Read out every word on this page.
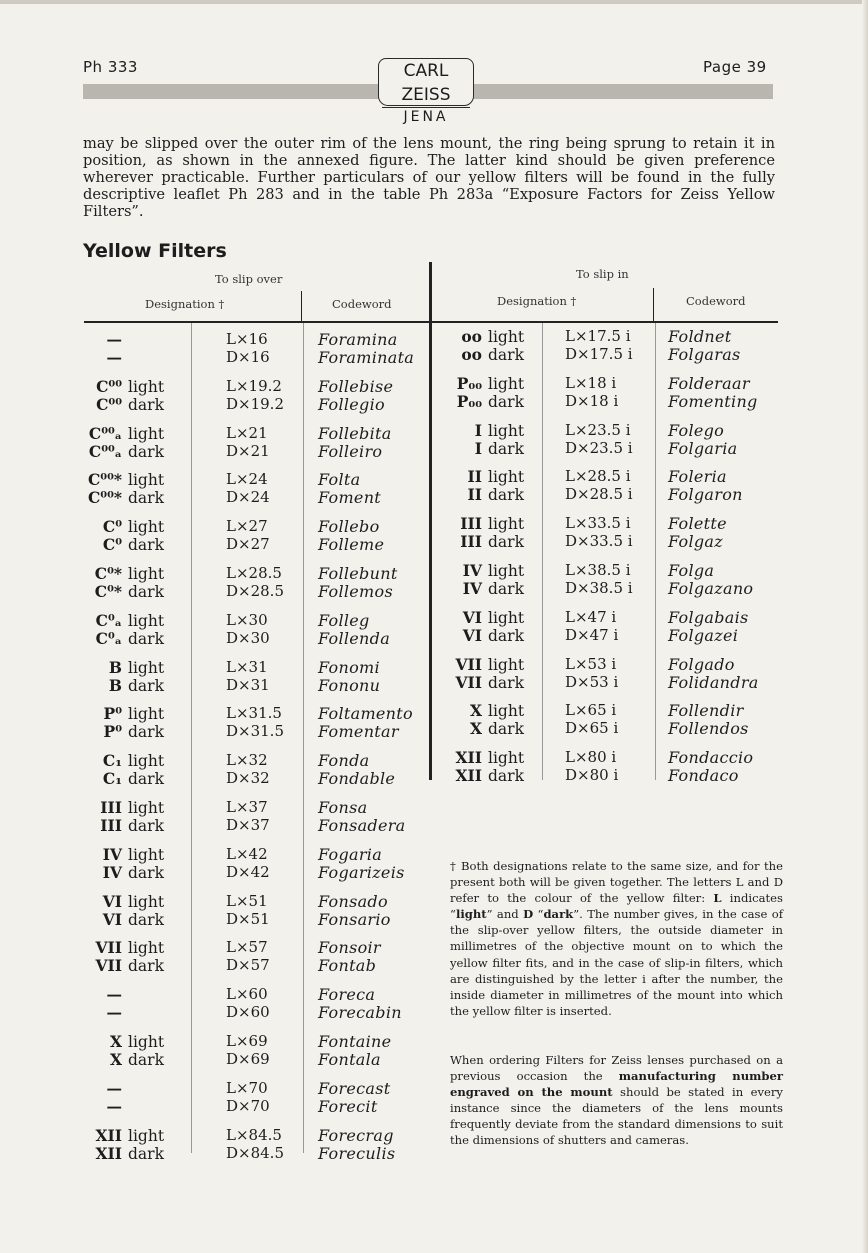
Ph 333	CARL ZEISS
JENA
Page 39

may be slipped over the outer rim of the lens mount, the ring being sprung to retain it in position, as shown in the annexed figure. The latter kind should be given preference wherever practicable. Further particulars of our yellow filters will be found in the fully descriptive leaflet Ph 283 and in the table Ph 283a “Exposure Factors for Zeiss Yellow Filters”.

Yellow Filters
To slip over
Designation †	Codeword
To slip in
Designation †	Codeword
—	L×16	Foramina
—	D×16	Foraminata
C⁰⁰ light	L×19.2 Follebise
C⁰⁰ dark	D×19.2 Follegio
C⁰⁰ₐ light	L×21	Follebita
C⁰⁰ₐ dark	D×21	Folleiro
C⁰⁰* light	L×24	Folta
C⁰⁰* dark	D×24	Foment
C⁰ light	L×27	Follebo
C⁰ dark	D×27	Folleme
C⁰* light	L×28.5 Follebunt
C⁰* dark	D×28.5 Follemos
C⁰ₐ light	L×30	Folleg
C⁰ₐ dark	D×30	Follenda
B light	L×31	Fonomi
B dark	D×31	Fononu
P⁰ light	L×31.5 Foltamento
P⁰ dark	D×31.5 Fomentar
C₁ light	L×32	Fonda
C₁ dark	D×32	Fondable
III light	L×37	Fonsa
III dark	D×37	Fonsadera
IV light	L×42	Fogaria
IV dark	D×42	Fogarizeis
VI light	L×51	Fonsado
VI dark	D×51	Fonsario
VII light	L×57	Fonsoir
VII dark	D×57	Fontab
—	L×60	Foreca
—	D×60	Forecabin
X light	L×69	Fontaine
X dark	D×69	Fontala
—	L×70	Forecast
—	D×70	Forecit
XII light	L×84.5 Forecrag
XII dark	D×84.5 Foreculis
oo light	L×17.5 i Foldnet
oo dark	D×17.5 i Folgaras
P₀₀ light	L×18 i	Folderaar
P₀₀ dark	D×18 i	Fomenting
I light	L×23.5 i Folego
I dark	D×23.5 i Folgaria
II light	L×28.5 i Foleria
II dark	D×28.5 i Folgaron
III light	L×33.5 i Folette
III dark	D×33.5 i Folgaz
IV light	L×38.5 i Folga
IV dark	D×38.5 i Folgazano
VI light	L×47 i	Folgabais
VI dark	D×47 i	Folgazei
VII light	L×53 i	Folgado
VII dark	D×53 i	Folidandra
X light	L×65 i	Follendir
X dark	D×65 i	Follendos
XII light	L×80 i	Fondaccio
XII dark	D×80 i	Fondaco

† Both designations relate to the same size, and for the present both will be given together. The letters L and D refer to the colour of the yellow filter: L indicates “light” and D “dark”. The number gives, in the case of the slip-over yellow filters, the outside diameter in millimetres of the objective mount on to which the yellow filter fits, and in the case of slip-in filters, which are distinguished by the letter i after the number, the inside diameter in millimetres of the mount into which the yellow filter is inserted.

When ordering Filters for Zeiss lenses purchased on a previous occasion the manufacturing number engraved on the mount should be stated in every instance since the diameters of the lens mounts frequently deviate from the standard dimensions to suit the dimensions of shutters and cameras.
